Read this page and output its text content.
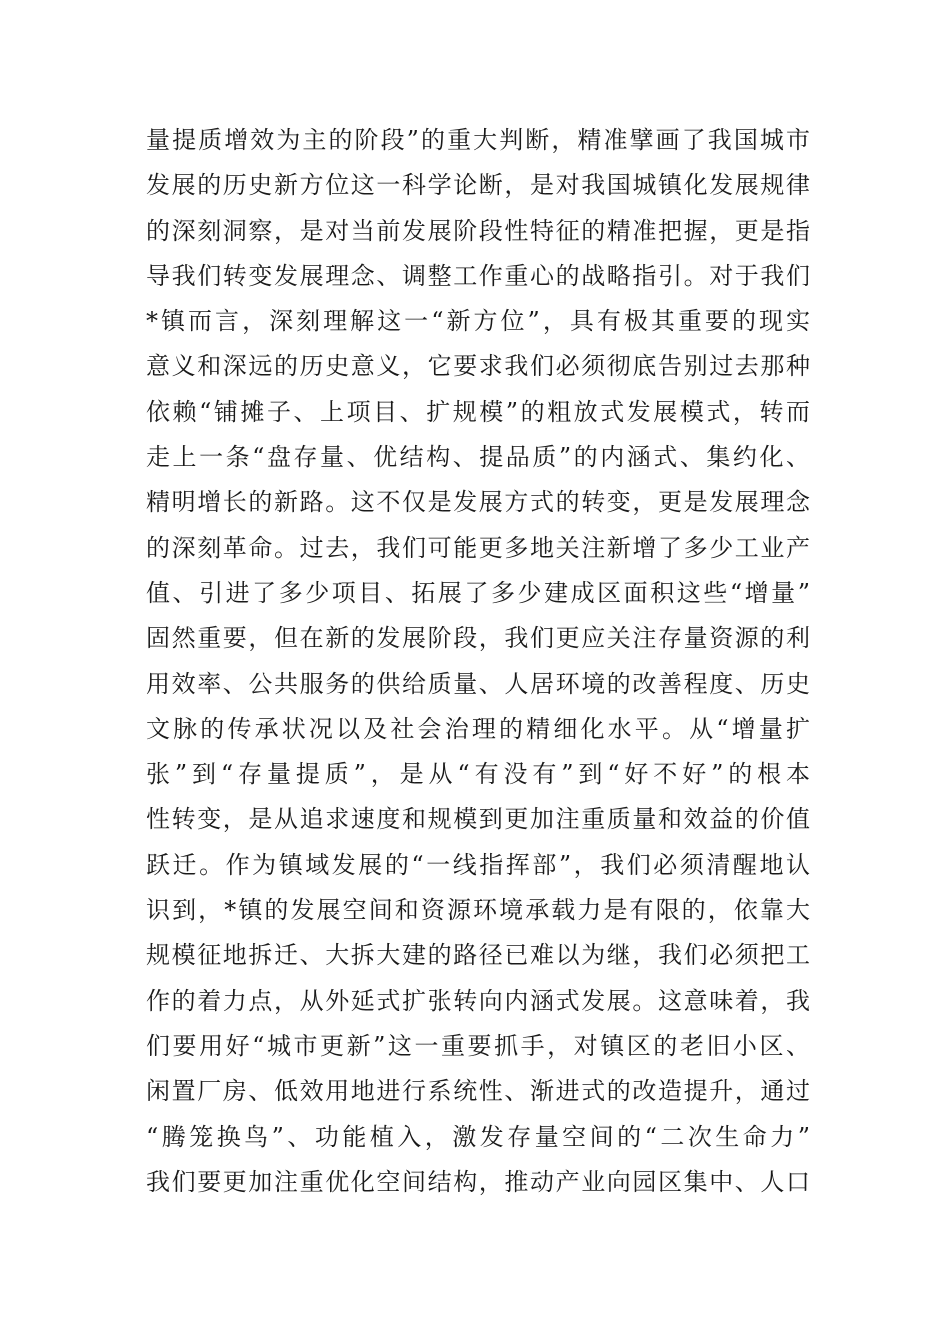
量提质增效为主的阶段”的重大判断，精准擘画了我国城市
发展的历史新方位这一科学论断，是对我国城镇化发展规律
的深刻洞察，是对当前发展阶段性特征的精准把握，更是指
导我们转变发展理念、调整工作重心的战略指引。对于我们
*镇而言，深刻理解这一“新方位”，具有极其重要的现实
意义和深远的历史意义，它要求我们必须彻底告别过去那种
依赖“铺摊子、上项目、扩规模”的粗放式发展模式，转而
走上一条“盘存量、优结构、提品质”的内涵式、集约化、
精明增长的新路。这不仅是发展方式的转变，更是发展理念
的深刻革命。过去，我们可能更多地关注新增了多少工业产
值、引进了多少项目、拓展了多少建成区面积这些“增量”
固然重要，但在新的发展阶段，我们更应关注存量资源的利
用效率、公共服务的供给质量、人居环境的改善程度、历史
文脉的传承状况以及社会治理的精细化水平。从“增量扩
张”到“存量提质”，是从“有没有”到“好不好”的根本
性转变，是从追求速度和规模到更加注重质量和效益的价值
跃迁。作为镇域发展的“一线指挥部”，我们必须清醒地认
识到，*镇的发展空间和资源环境承载力是有限的，依靠大
规模征地拆迁、大拆大建的路径已难以为继，我们必须把工
作的着力点，从外延式扩张转向内涵式发展。这意味着，我
们要用好“城市更新”这一重要抓手，对镇区的老旧小区、
闲置厂房、低效用地进行系统性、渐进式的改造提升，通过
“腾笼换鸟”、功能植入，激发存量空间的“二次生命力”
我们要更加注重优化空间结构，推动产业向园区集中、人口
